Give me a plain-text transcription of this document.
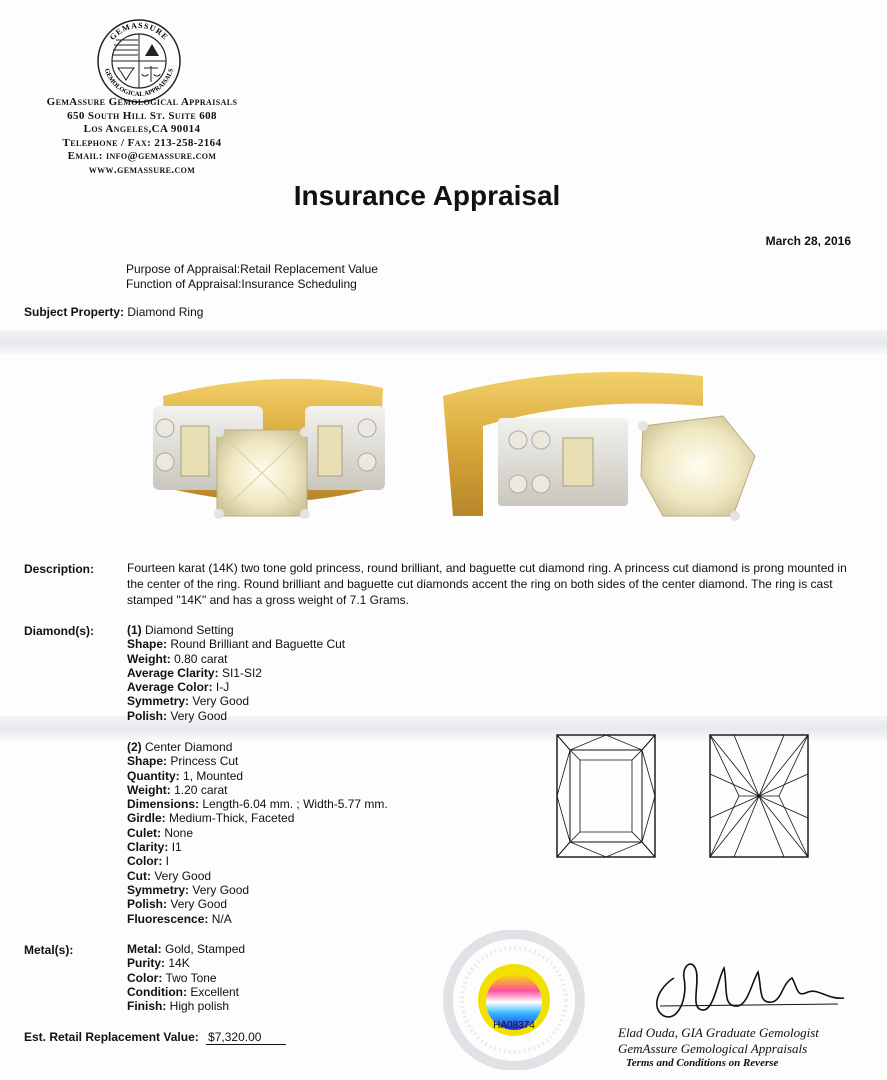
GEMASSURE
GEMOLOGICAL APPRAISALS
GemAssure Gemological Appraisals
650 South Hill St. Suite 608
Los Angeles,CA 90014
Telephone / Fax: 213-258-2164
Email: info@gemassure.com
www.gemassure.com
Insurance Appraisal
March 28, 2016
Purpose of Appraisal:Retail Replacement Value
Function of Appraisal:Insurance Scheduling
Subject Property: Diamond Ring
Description:	Fourteen karat (14K) two tone gold princess, round brilliant, and baguette cut diamond ring. A princess cut diamond is prong mounted in the center of the ring. Round brilliant and baguette cut diamonds accent the ring on both sides of the center diamond. The ring is cast stamped "14K" and has a gross weight of 7.1 Grams.
Diamond(s):	(1) Diamond Setting
Shape: Round Brilliant and Baguette Cut
Weight: 0.80 carat
Average Clarity: SI1-SI2
Average Color: I-J
Symmetry: Very Good
Polish: Very Good
(2) Center Diamond
Shape: Princess Cut
Quantity: 1, Mounted
Weight: 1.20 carat
Dimensions: Length-6.04 mm. ; Width-5.77 mm.
Girdle: Medium-Thick, Faceted
Culet: None
Clarity: I1
Color: I
Cut: Very Good
Symmetry: Very Good
Polish: Very Good
Fluorescence: N/A
Metal(s):	Metal: Gold, Stamped
Purity: 14K
Color: Two Tone
Condition: Excellent
Finish: High polish
Est. Retail Replacement Value: $7,320.00
HA08374	Elad Ouda, GIA Graduate Gemologist
GemAssure Gemological Appraisals
Terms and Conditions on Reverse
